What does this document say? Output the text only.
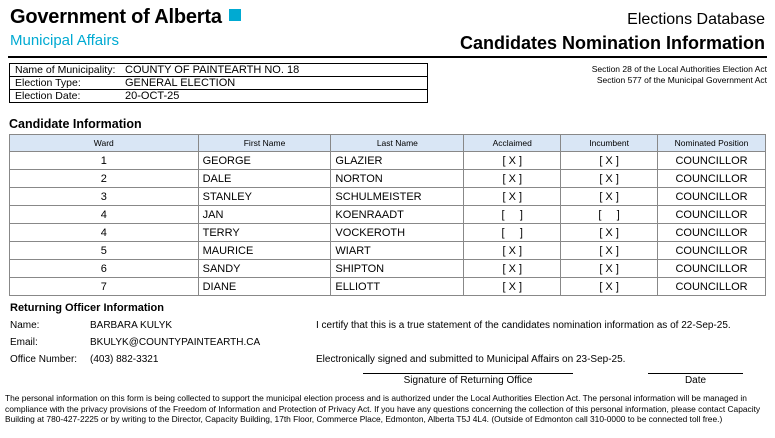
Government of Alberta
Municipal Affairs
Elections Database
Candidates Nomination Information
Name of Municipality: COUNTY OF PAINTEARTH NO. 18
Election Type:	GENERAL ELECTION
Election Date:	20-OCT-25
Section 28 of the Local Authorities Election Act
Section 577 of the Municipal Government Act
Candidate Information
Ward	First Name	Last Name	Acclaimed	Incumbent	Nominated Position
1	GEORGE	GLAZIER	[ X ]	[ X ]	COUNCILLOR
2	DALE	NORTON	[ X ]	[ X ]	COUNCILLOR
3	STANLEY	SCHULMEISTER	[ X ]	[ X ]	COUNCILLOR
4	JAN	KOENRAADT	[     ]	[     ]	COUNCILLOR
4	TERRY	VOCKEROTH	[     ]	[ X ]	COUNCILLOR
5	MAURICE	WIART	[ X ]	[ X ]	COUNCILLOR
6	SANDY	SHIPTON	[ X ]	[ X ]	COUNCILLOR
7	DIANE	ELLIOTT	[ X ]	[ X ]	COUNCILLOR
Returning Officer Information
Name:	BARBARA KULYK
Email:	BKULYK@COUNTYPAINTEARTH.CA
Office Number: (403) 882-3321
I certify that this is a true statement of the candidates nomination information as of 22-Sep-25.
Electronically signed and submitted to Municipal Affairs on 23-Sep-25.
Signature of Returning Office	Date
The personal information on this form is being collected to support the municipal election process and is authorized under the Local Authorities Election Act. The personal information will be managed in compliance with the privacy provisions of the Freedom of Information and Protection of Privacy Act. If you have any questions concerning the collection of this personal information, please contact Capacity Building at 780-427-2225 or by writing to the Director, Capacity Building, 17th Floor, Commerce Place, Edmonton, Alberta T5J 4L4. (Outside of Edmonton call 310-0000 to be connected toll free.)
